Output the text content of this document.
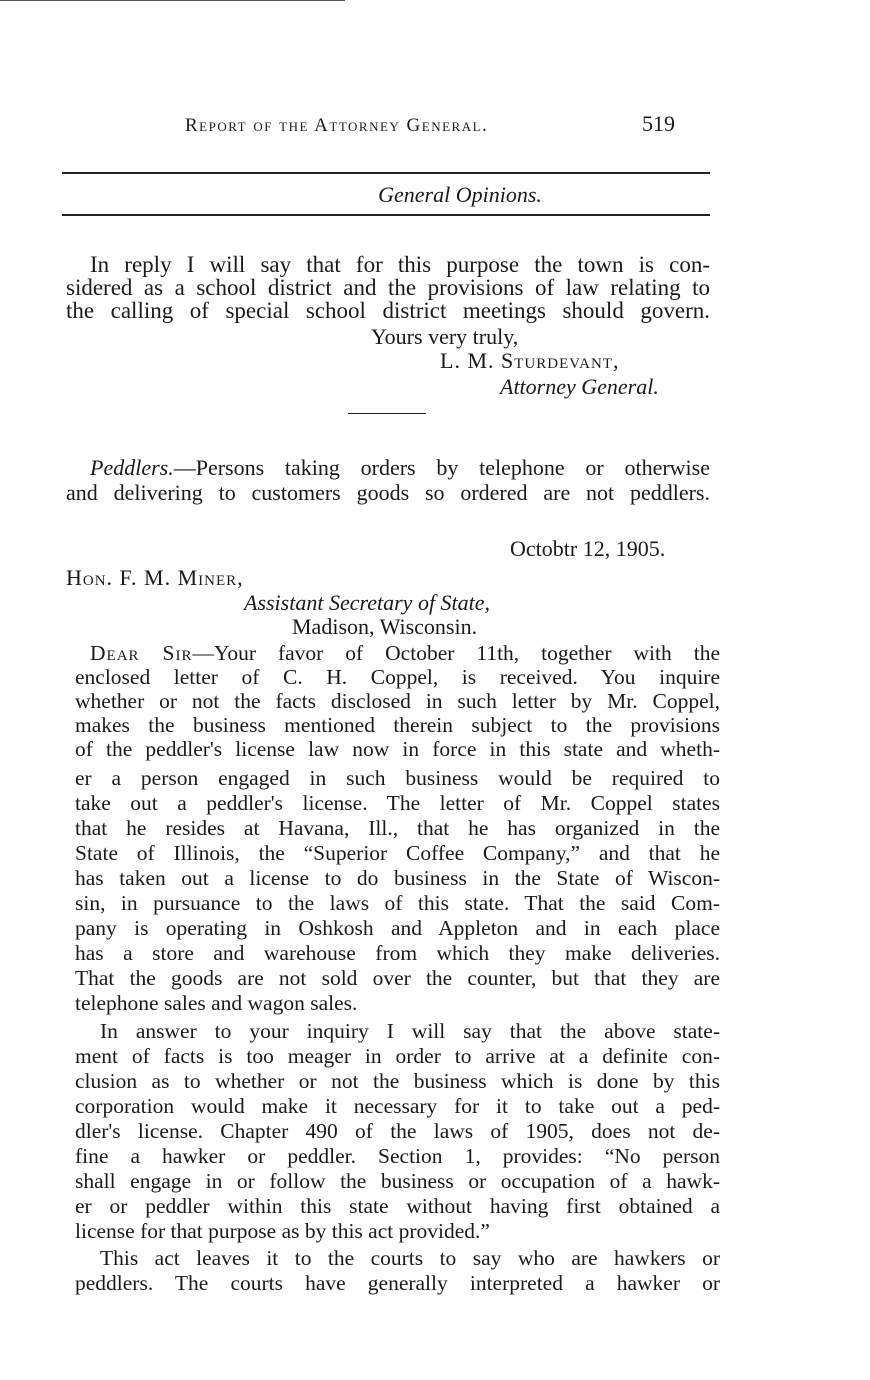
Report of the Attorney General.	519
General Opinions.
In reply I will say that for this purpose the town is con-
sidered as a school district and the provisions of law relating to
the calling of special school district meetings should govern.
Yours very truly,
L. M. Sturdevant,
Attorney General.
Peddlers.—Persons taking orders by telephone or otherwise
and delivering to customers goods so ordered are not peddlers.
Octobtr 12, 1905.
Hon. F. M. Miner,
Assistant Secretary of State,
Madison, Wisconsin.
Dear Sir—Your favor of October 11th, together with the
enclosed letter of C. H. Coppel, is received. You inquire
whether or not the facts disclosed in such letter by Mr. Coppel,
makes the business mentioned therein subject to the provisions
of the peddler's license law now in force in this state and wheth-
er a person engaged in such business would be required to
take out a peddler's license. The letter of Mr. Coppel states
that he resides at Havana, Ill., that he has organized in the
State of Illinois, the “Superior Coffee Company,” and that he
has taken out a license to do business in the State of Wiscon-
sin, in pursuance to the laws of this state. That the said Com-
pany is operating in Oshkosh and Appleton and in each place
has a store and warehouse from which they make deliveries.
That the goods are not sold over the counter, but that they are
telephone sales and wagon sales.
In answer to your inquiry I will say that the above state-
ment of facts is too meager in order to arrive at a definite con-
clusion as to whether or not the business which is done by this
corporation would make it necessary for it to take out a ped-
dler's license. Chapter 490 of the laws of 1905, does not de-
fine a hawker or peddler. Section 1, provides: “No person
shall engage in or follow the business or occupation of a hawk-
er or peddler within this state without having first obtained a
license for that purpose as by this act provided.”
This act leaves it to the courts to say who are hawkers or
peddlers. The courts have generally interpreted a hawker or
